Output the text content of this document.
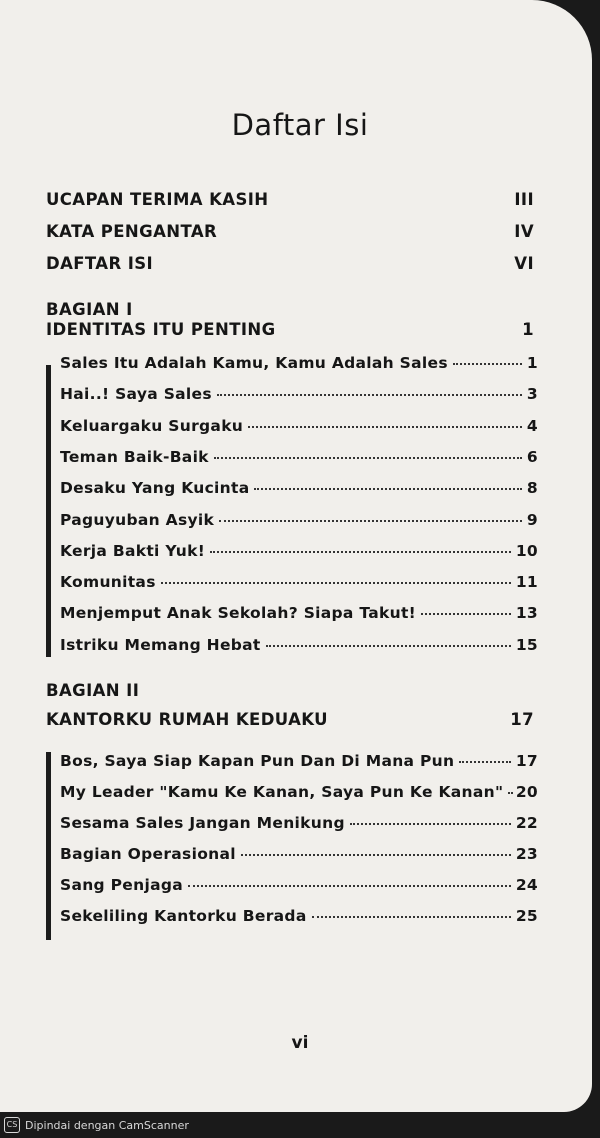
Daftar Isi
UCAPAN TERIMA KASIH	III
KATA PENGANTAR	IV
DAFTAR ISI	VI
BAGIAN I
IDENTITAS ITU PENTING	1
Sales Itu Adalah Kamu, Kamu Adalah Sales	1
Hai..! Saya Sales	3
Keluargaku Surgaku	4
Teman Baik-Baik	6
Desaku Yang Kucinta	8
Paguyuban Asyik	9
Kerja Bakti Yuk!	10
Komunitas	11
Menjemput Anak Sekolah? Siapa Takut!	13
Istriku Memang Hebat	15
BAGIAN II
KANTORKU RUMAH KEDUAKU	17
Bos, Saya Siap Kapan Pun Dan Di Mana Pun	17
My Leader "Kamu Ke Kanan, Saya Pun Ke Kanan" 20
Sesama Sales Jangan Menikung	22
Bagian Operasional	23
Sang Penjaga	24
Sekeliling Kantorku Berada	25
vi
CS Dipindai dengan CamScanner
